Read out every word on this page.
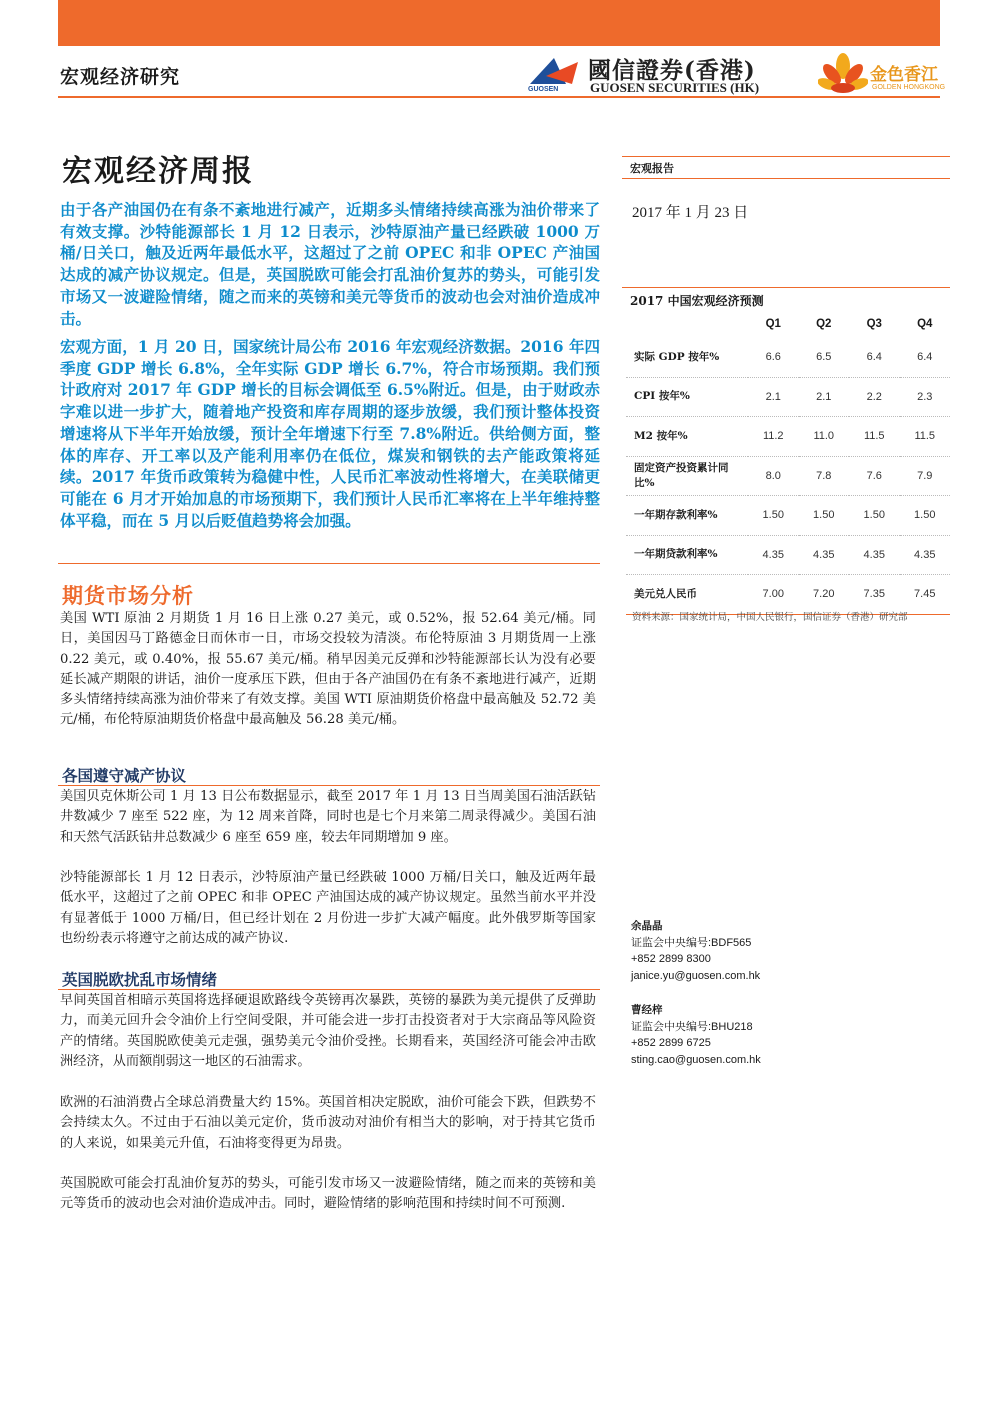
宏观经济研究
GUOSEN
國信證券(香港)
GUOSEN SECURITIES (HK)
金色香江
GOLDEN HONGKONG
宏观经济周报

由于各产油国仍在有条不紊地进行减产，近期多头情绪持续高涨为油价带来了有效支撑。沙特能源部长 1 月 12 日表示，沙特原油产量已经跌破 1000 万桶/日关口，触及近两年最低水平，这超过了之前 OPEC 和非 OPEC 产油国达成的减产协议规定。但是，英国脱欧可能会打乱油价复苏的势头，可能引发市场又一波避险情绪，随之而来的英镑和美元等货币的波动也会对油价造成冲击。

宏观方面，1 月 20 日，国家统计局公布 2016 年宏观经济数据。2016 年四季度 GDP 增长 6.8%，全年实际 GDP 增长 6.7%，符合市场预期。我们预计政府对 2017 年 GDP 增长的目标会调低至 6.5%附近。但是，由于财政赤字难以进一步扩大，随着地产投资和库存周期的逐步放缓，我们预计整体投资增速将从下半年开始放缓，预计全年增速下行至 7.8%附近。供给侧方面，整体的库存、开工率以及产能利用率仍在低位，煤炭和钢铁的去产能政策将延续。2017 年货币政策转为稳健中性，人民币汇率波动性将增大，在美联储更可能在 6 月才开始加息的市场预期下，我们预计人民币汇率将在上半年维持整体平稳，而在 5 月以后贬值趋势将会加强。

期货市场分析

美国 WTI 原油 2 月期货 1 月 16 日上涨 0.27 美元，或 0.52%，报 52.64 美元/桶。同日，美国因马丁路德金日而休市一日，市场交投较为清淡。布伦特原油 3 月期货周一上涨 0.22 美元，或 0.40%，报 55.67 美元/桶。稍早因美元反弹和沙特能源部长认为没有必要延长减产期限的讲话，油价一度承压下跌，但由于各产油国仍在有条不紊地进行减产，近期多头情绪持续高涨为油价带来了有效支撑。美国 WTI 原油期货价格盘中最高触及 52.72 美元/桶，布伦特原油期货价格盘中最高触及 56.28 美元/桶。

各国遵守减产协议

美国贝克休斯公司 1 月 13 日公布数据显示，截至 2017 年 1 月 13 日当周美国石油活跃钻井数减少 7 座至 522 座，为 12 周来首降，同时也是七个月来第二周录得减少。美国石油和天然气活跃钻井总数减少 6 座至 659 座，较去年同期增加 9 座。

沙特能源部长 1 月 12 日表示，沙特原油产量已经跌破 1000 万桶/日关口，触及近两年最低水平，这超过了之前 OPEC 和非 OPEC 产油国达成的减产协议规定。虽然当前水平并没有显著低于 1000 万桶/日，但已经计划在 2 月份进一步扩大减产幅度。此外俄罗斯等国家也纷纷表示将遵守之前达成的减产协议.

英国脱欧扰乱市场情绪

早间英国首相暗示英国将选择硬退欧路线令英镑再次暴跌，英镑的暴跌为美元提供了反弹助力，而美元回升会令油价上行空间受限，并可能会进一步打击投资者对于大宗商品等风险资产的情绪。英国脱欧使美元走强，强势美元令油价受挫。长期看来，英国经济可能会冲击欧洲经济，从而额削弱这一地区的石油需求。

欧洲的石油消费占全球总消费量大约 15%。英国首相决定脱欧，油价可能会下跌，但跌势不会持续太久。不过由于石油以美元定价，货币波动对油价有相当大的影响，对于持其它货币的人来说，如果美元升值，石油将变得更为昂贵。

英国脱欧可能会打乱油价复苏的势头，可能引发市场又一波避险情绪，随之而来的英镑和美元等货币的波动也会对油价造成冲击。同时，避险情绪的影响范围和持续时间不可预测.

宏观报告
2017 年 1 月 23 日
2017 中国宏观经济预测
	Q1	Q2	Q3	Q4
实际 GDP 按年%	6.6	6.5	6.4	6.4
CPI 按年%	2.1	2.1	2.2	2.3
M2 按年%	11.2	11.0	11.5	11.5
固定资产投资累计同比%	8.0	7.8	7.6	7.9
一年期存款利率%	1.50	1.50	1.50	1.50
一年期贷款利率%	4.35	4.35	4.35	4.35
美元兑人民币	7.00	7.20	7.35	7.45

资料来源：国家统计局，中国人民银行，国信证券（香港）研究部

余晶晶
证监会中央编号:BDF565
+852 2899 8300
janice.yu@guosen.com.hk
曹经梓
证监会中央编号:BHU218
+852 2899 6725
sting.cao@guosen.com.hk
